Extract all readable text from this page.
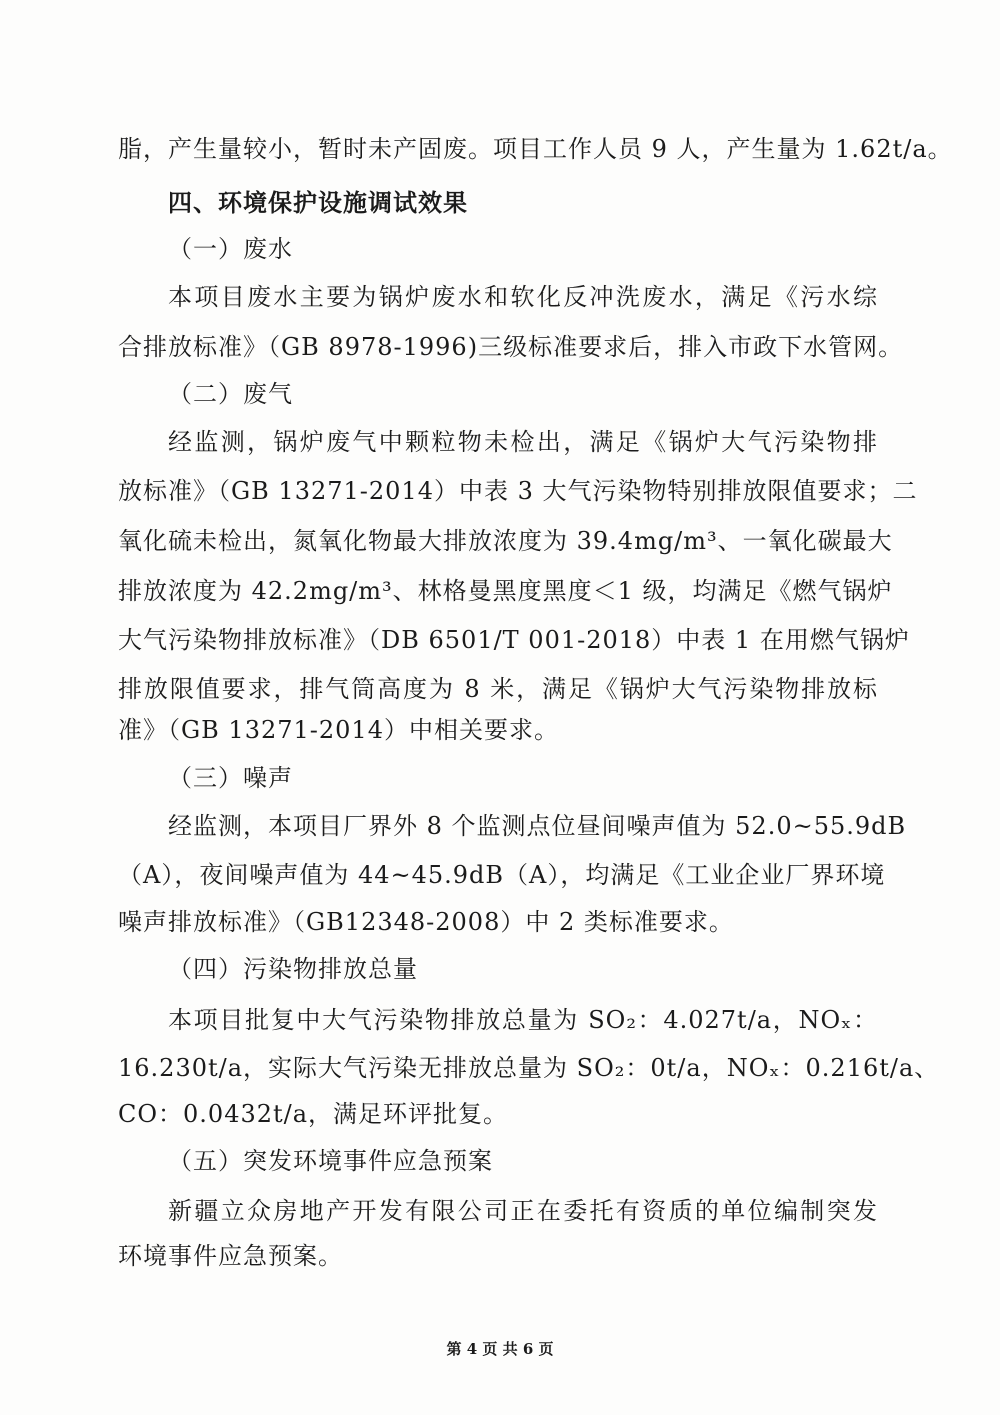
脂，产生量较小，暂时未产固废。项目工作人员 9 人，产生量为 1.62t/a。
四、环境保护设施调试效果
（一）废水
本项目废水主要为锅炉废水和软化反冲洗废水，满足《污水综
合排放标准》（GB 8978-1996)三级标准要求后，排入市政下水管网。
（二）废气
经监测，锅炉废气中颗粒物未检出，满足《锅炉大气污染物排
放标准》（GB 13271-2014）中表 3 大气污染物特别排放限值要求；二
氧化硫未检出，氮氧化物最大排放浓度为 39.4mg/m³、一氧化碳最大
排放浓度为 42.2mg/m³、林格曼黑度黑度＜1 级，均满足《燃气锅炉
大气污染物排放标准》（DB 6501/T 001-2018）中表 1 在用燃气锅炉
排放限值要求，排气筒高度为 8 米，满足《锅炉大气污染物排放标
准》（GB 13271-2014）中相关要求。
（三）噪声
经监测，本项目厂界外 8 个监测点位昼间噪声值为 52.0~55.9dB
（A），夜间噪声值为 44~45.9dB（A），均满足《工业企业厂界环境
噪声排放标准》（GB12348-2008）中 2 类标准要求。
（四）污染物排放总量
本项目批复中大气污染物排放总量为 SO₂：4.027t/a，NOₓ：
16.230t/a，实际大气污染无排放总量为 SO₂：0t/a，NOₓ：0.216t/a、
CO：0.0432t/a，满足环评批复。
（五）突发环境事件应急预案
新疆立众房地产开发有限公司正在委托有资质的单位编制突发
环境事件应急预案。
第 4 页 共 6 页
